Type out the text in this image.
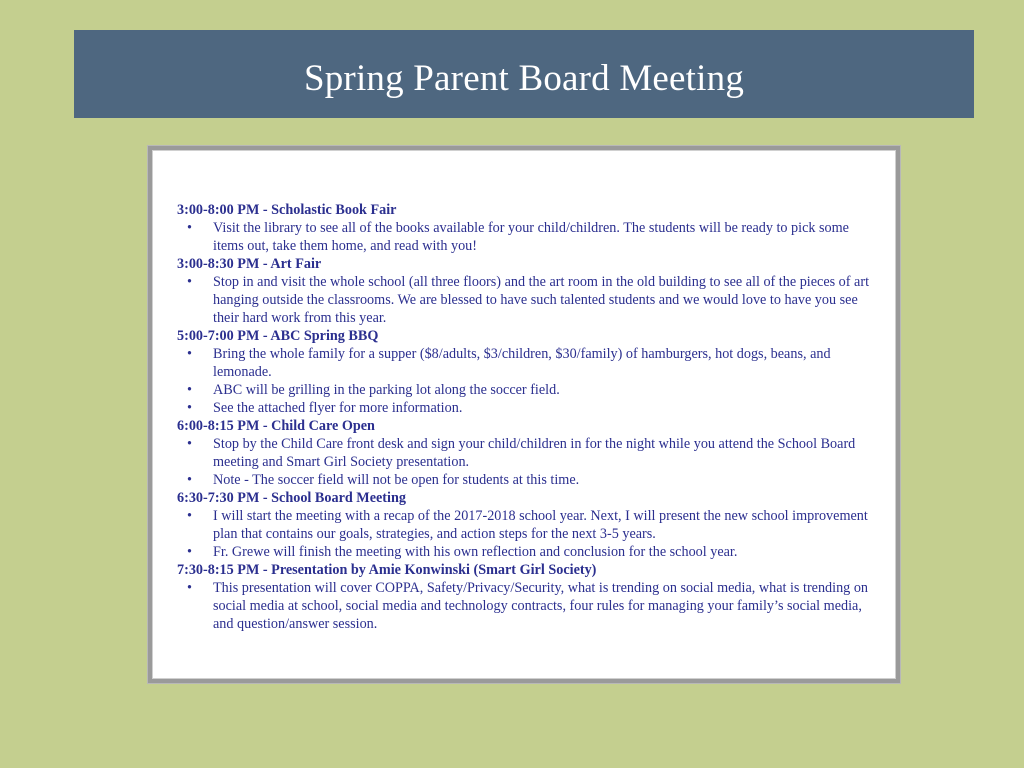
Spring Parent Board Meeting

3:00-8:00 PM - Scholastic Book Fair

• Visit the library to see all of the books available for your child/children. The students will be ready to pick some items out, take them home, and read with you!

3:00-8:30 PM - Art Fair

• Stop in and visit the whole school (all three floors) and the art room in the old building to see all of the pieces of art hanging outside the classrooms. We are blessed to have such talented students and we would love to have you see their hard work from this year.

5:00-7:00 PM - ABC Spring BBQ

• Bring the whole family for a supper ($8/adults, $3/children, $30/family) of hamburgers, hot dogs, beans, and lemonade.
• ABC will be grilling in the parking lot along the soccer field.
• See the attached flyer for more information.

6:00-8:15 PM - Child Care Open

• Stop by the Child Care front desk and sign your child/children in for the night while you attend the School Board meeting and Smart Girl Society presentation.
• Note - The soccer field will not be open for students at this time.

6:30-7:30 PM - School Board Meeting

• I will start the meeting with a recap of the 2017-2018 school year. Next, I will present the new school improvement plan that contains our goals, strategies, and action steps for the next 3-5 years.
• Fr. Grewe will finish the meeting with his own reflection and conclusion for the school year.

7:30-8:15 PM - Presentation by Amie Konwinski (Smart Girl Society)

• This presentation will cover COPPA, Safety/Privacy/Security, what is trending on social media, what is trending on social media at school, social media and technology contracts, four rules for managing your family’s social media, and question/answer session.
